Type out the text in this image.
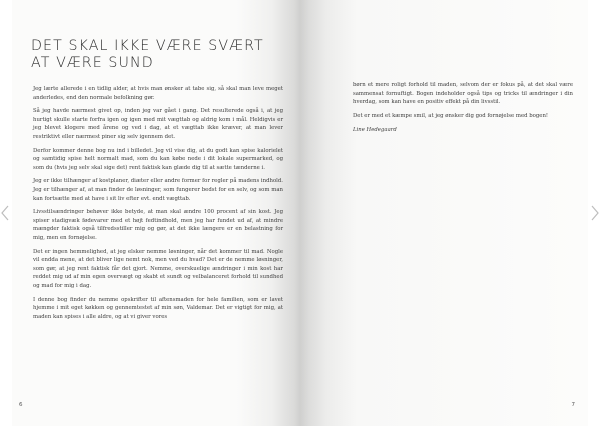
DET SKAL IKKE VÆRE SVÆRT AT VÆRE SUND

Jeg lærte allerede i en tidlig alder, at hvis man ønsker at tabe sig, så skal man leve meget anderledes, end den normale befolkning gør.

Så jeg havde nærmest givet op, inden jeg var gået i gang. Det resulterede også i, at jeg hurtigt skulle starte forfra igen og igen med mit vægttab og aldrig kom i mål. Heldigvis er jeg blevet klogere med årene og ved i dag, at et vægttab ikke kræver, at man lever restriktivt eller nærmest piner sig selv igennem det.

Derfor kommer denne bog nu ind i billedet. Jeg vil vise dig, at du godt kan spise kalorielet og samtidig spise helt normalt mad, som du kan købe nede i dit lokale supermarked, og som du (hvis jeg selv skal sige det) rent faktisk kan glæde dig til at sætte tænderne i.

Jeg er ikke tilhænger af kostplaner, diæter eller andre former for regler på madens indhold. Jeg er tilhænger af, at man finder de løsninger, som fungerer bedst for en selv, og som man kan fortsætte med at have i sit liv efter evt. endt vægttab.

Livsstilsændringer behøver ikke betyde, at man skal ændre 100 procent af sin kost. Jeg spiser stadigvæk fødevarer med et højt fedtindhold, men jeg har fundet ud af, at mindre mængder faktisk også tilfredsstiller mig og gør, at det ikke længere er en belastning for mig, men en fornøjelse.

Det er ingen hemmelighed, at jeg elsker nemme løsninger, når det kommer til mad. Nogle vil endda mene, at det bliver lige nemt nok, men ved du hvad? Det er de nemme løsninger, som gør, at jeg rent faktisk får det gjort. Nemme, overskuelige ændringer i min kost har reddet mig ud af min egen overvægt og skabt et sundt og velbalanceret forhold til sundhed og mad for mig i dag.

I denne bog finder du nemme opskrifter til aftensmaden for hele familien, som er lavet hjemme i mit eget køkken og gennemtestet af min søn, Valdemar. Det er vigtigt for mig, at maden kan spises i alle aldre, og at vi giver vores

6

børn et mere roligt forhold til maden, selvom der er fokus på, at det skal være sammensat fornuftigt. Bogen indeholder også tips og tricks til ændringer i din hverdag, som kan have en positiv effekt på din livsstil.

Det er med et kæmpe smil, at jeg ønsker dig god fornøjelse med bogen!

Line Hedegaard

7
